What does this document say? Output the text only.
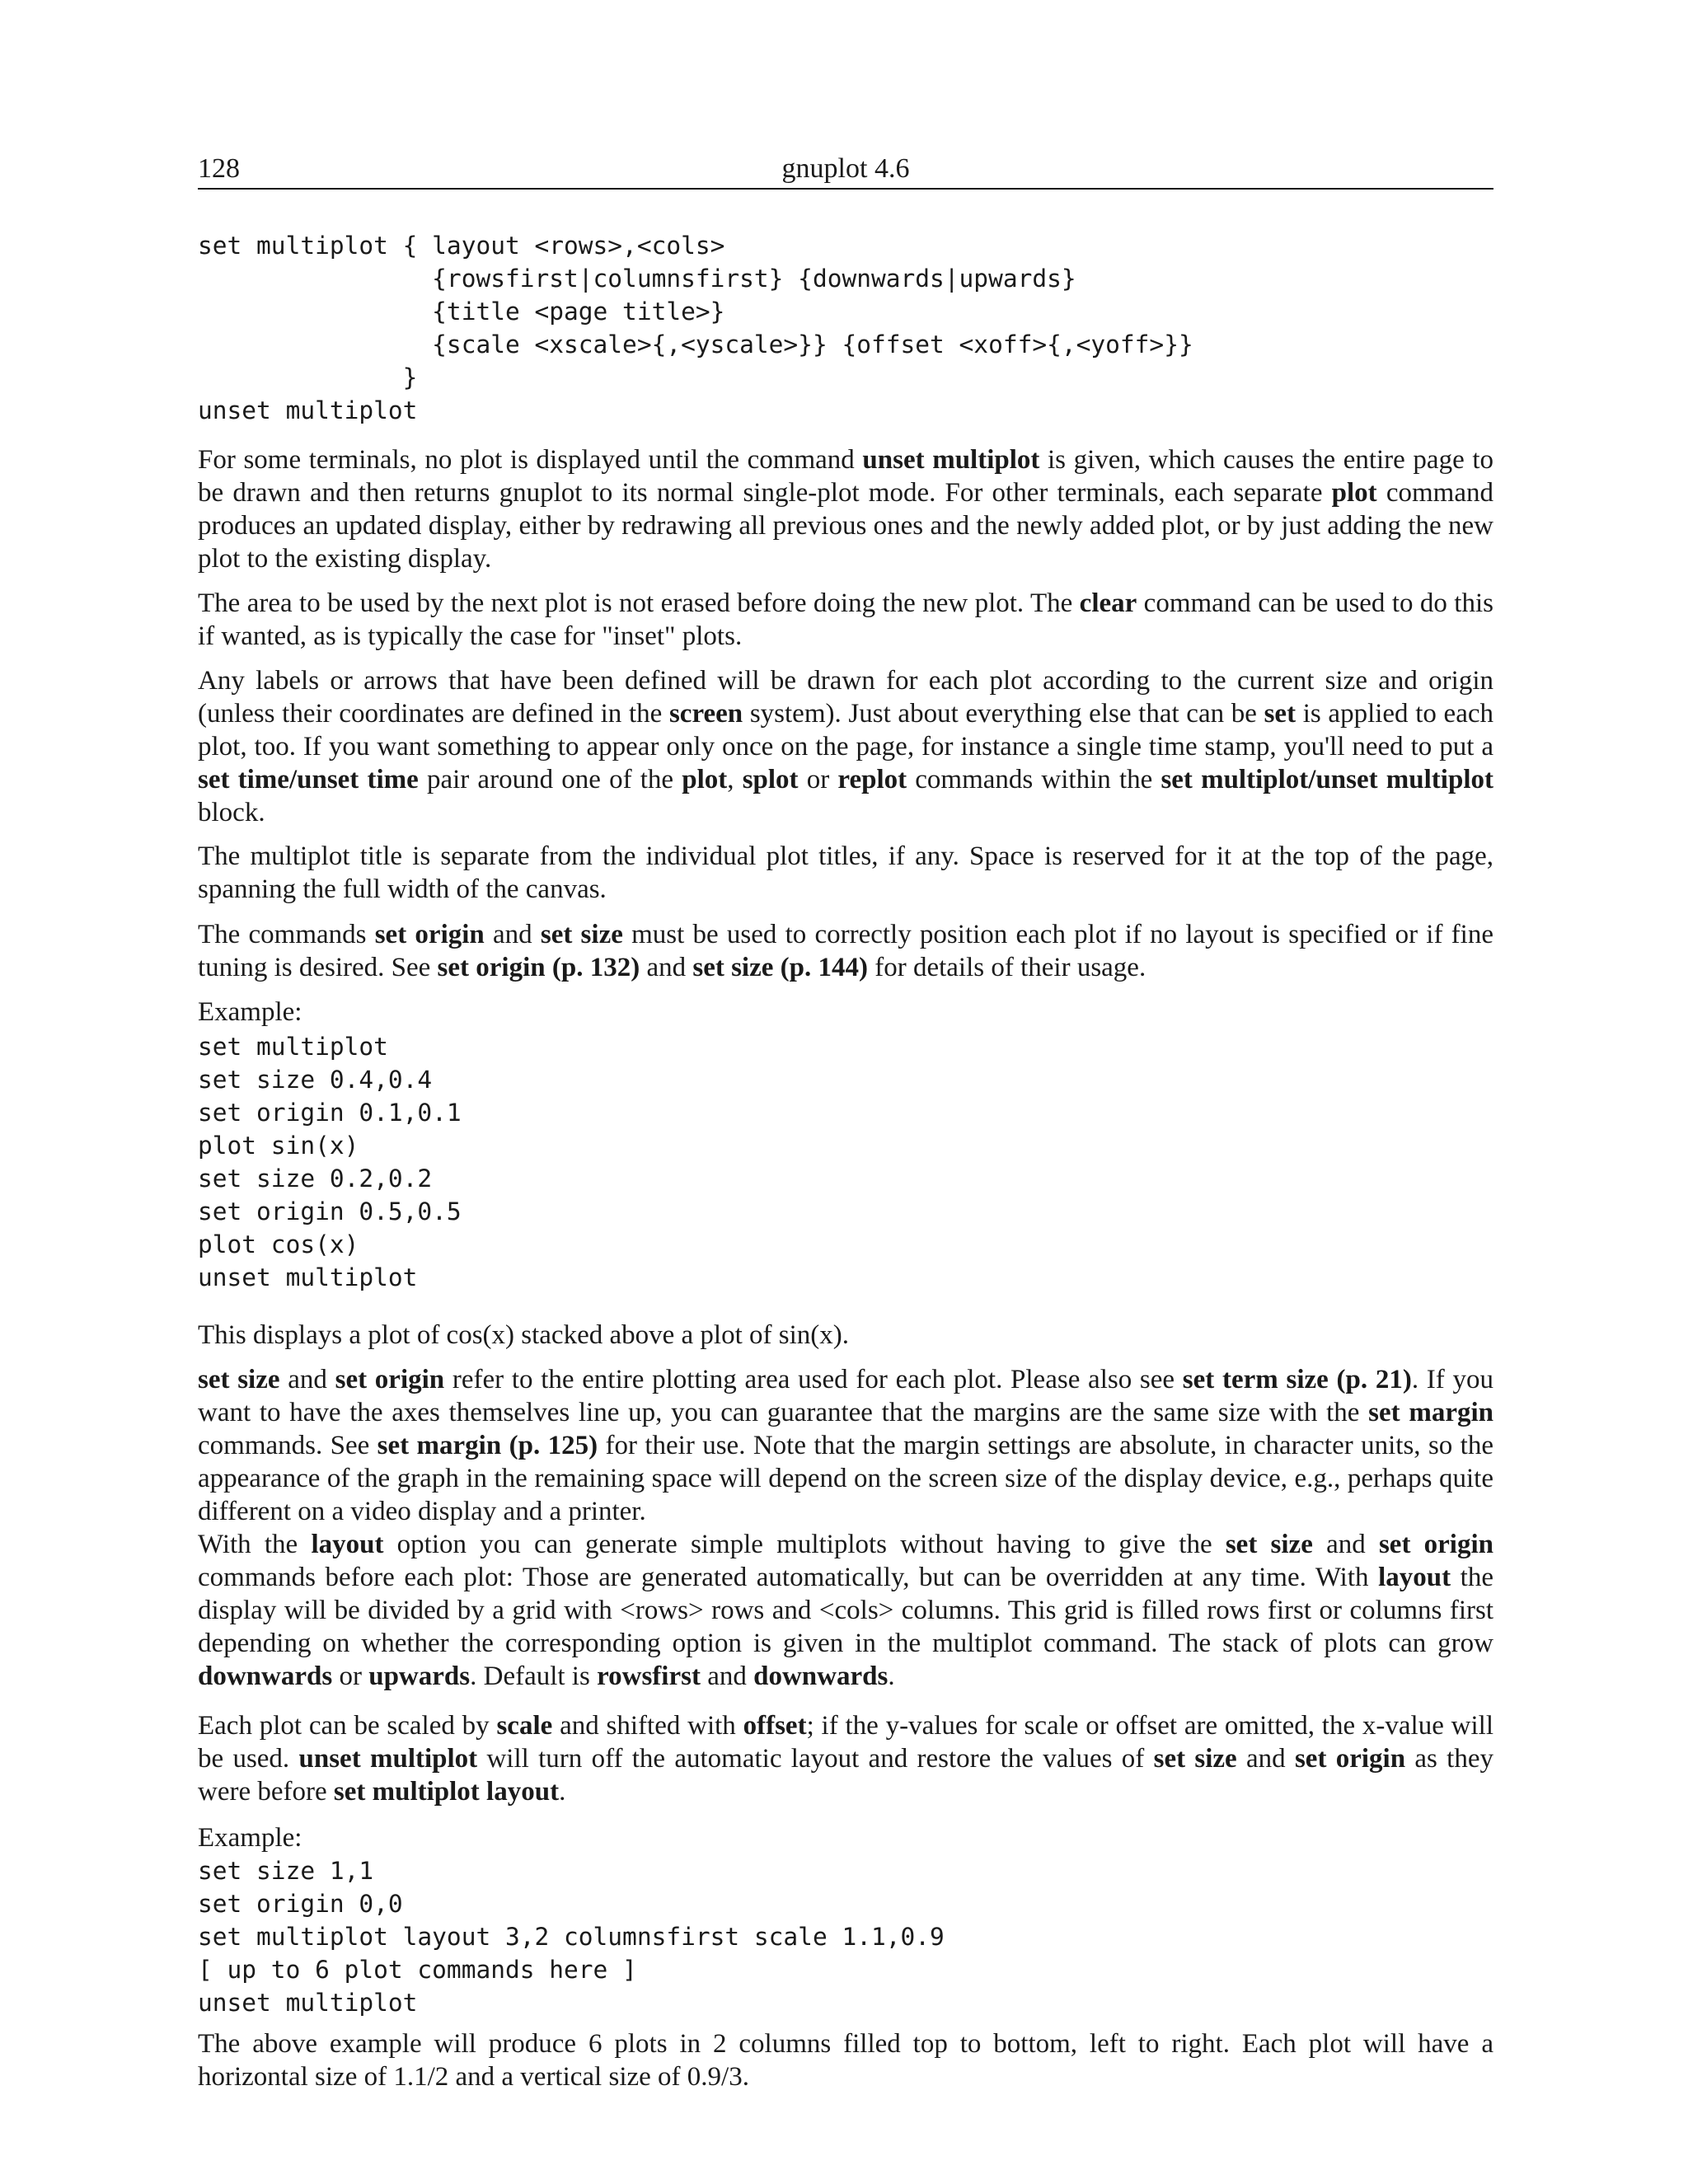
128	gnuplot 4.6
set multiplot { layout <rows>,<cols>
{rowsfirst|columnsfirst} {downwards|upwards}
{title <page title>}
{scale <xscale>{,<yscale>}} {offset <xoff>{,<yoff>}}
}
unset multiplot

For some terminals, no plot is displayed until the command unset multiplot is given, which causes the entire page to be drawn and then returns gnuplot to its normal single-plot mode. For other terminals, each separate plot command produces an updated display, either by redrawing all previous ones and the newly added plot, or by just adding the new plot to the existing display.

The area to be used by the next plot is not erased before doing the new plot. The clear command can be used to do this if wanted, as is typically the case for "inset" plots.

Any labels or arrows that have been defined will be drawn for each plot according to the current size and origin (unless their coordinates are defined in the screen system). Just about everything else that can be set is applied to each plot, too. If you want something to appear only once on the page, for instance a single time stamp, you'll need to put a set time/unset time pair around one of the plot, splot or replot commands within the set multiplot/unset multiplot block.

The multiplot title is separate from the individual plot titles, if any. Space is reserved for it at the top of the page, spanning the full width of the canvas.

The commands set origin and set size must be used to correctly position each plot if no layout is specified or if fine tuning is desired. See set origin (p. 132) and set size (p. 144) for details of their usage.

Example:

set multiplot
set size 0.4,0.4
set origin 0.1,0.1
plot sin(x)
set size 0.2,0.2
set origin 0.5,0.5
plot cos(x)
unset multiplot

This displays a plot of cos(x) stacked above a plot of sin(x).

set size and set origin refer to the entire plotting area used for each plot. Please also see set term size (p. 21). If you want to have the axes themselves line up, you can guarantee that the margins are the same size with the set margin commands. See set margin (p. 125) for their use. Note that the margin settings are absolute, in character units, so the appearance of the graph in the remaining space will depend on the screen size of the display device, e.g., perhaps quite different on a video display and a printer.

With the layout option you can generate simple multiplots without having to give the set size and set origin commands before each plot: Those are generated automatically, but can be overridden at any time. With layout the display will be divided by a grid with <rows> rows and <cols> columns. This grid is filled rows first or columns first depending on whether the corresponding option is given in the multiplot command. The stack of plots can grow downwards or upwards. Default is rowsfirst and downwards.

Each plot can be scaled by scale and shifted with offset; if the y-values for scale or offset are omitted, the x-value will be used. unset multiplot will turn off the automatic layout and restore the values of set size and set origin as they were before set multiplot layout.

Example:

set size 1,1
set origin 0,0
set multiplot layout 3,2 columnsfirst scale 1.1,0.9
[ up to 6 plot commands here ]
unset multiplot

The above example will produce 6 plots in 2 columns filled top to bottom, left to right. Each plot will have a horizontal size of 1.1/2 and a vertical size of 0.9/3.
